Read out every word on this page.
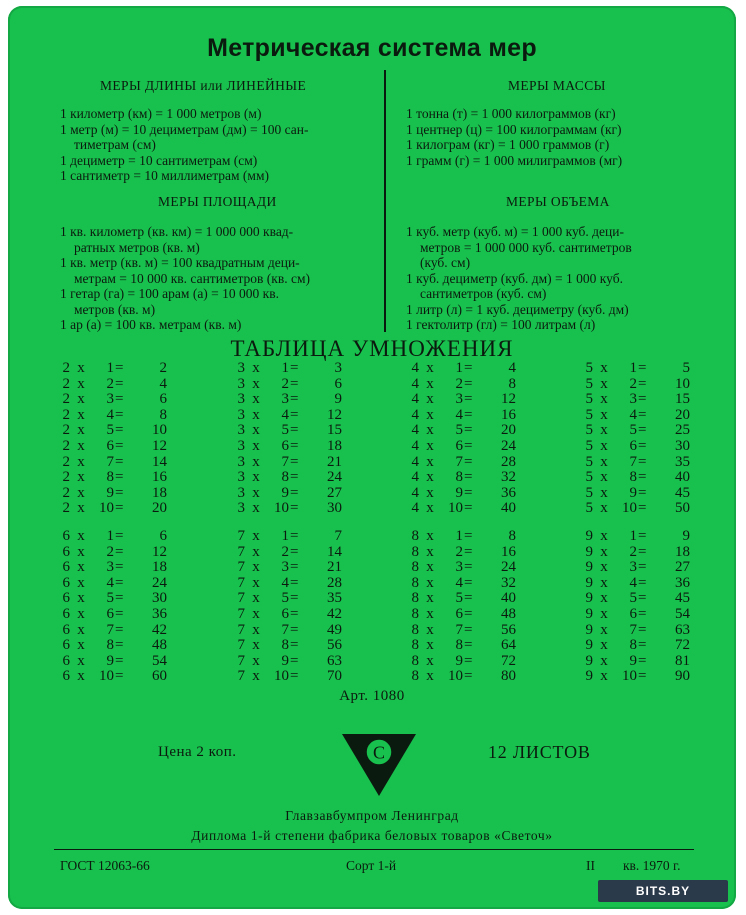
Метрическая система мер
МЕРЫ ДЛИНЫ или ЛИНЕЙНЫЕ
1 километр (км) = 1 000 метров (м)
1 метр (м) = 10 дециметрам (дм) = 100 сан-
тиметрам (см)
1 дециметр = 10 сантиметрам (см)
1 сантиметр = 10 миллиметрам (мм)
МЕРЫ ПЛОЩАДИ
1 кв. километр (кв. км) = 1 000 000 квад-
ратных метров (кв. м)
1 кв. метр (кв. м) = 100 квадратным деци-
метрам = 10 000 кв. сантиметров (кв. см)
1 гетар (га) = 100 арам (а) = 10 000 кв.
метров (кв. м)
1 ар (а) = 100 кв. метрам (кв. м)
МЕРЫ МАССЫ
1 тонна (т) = 1 000 килограммов (кг)
1 центнер (ц) = 100 килограммам (кг)
1 килограм (кг) = 1 000 граммов (г)
1 грамм (г) = 1 000 милиграммов (мг)
МЕРЫ ОБЪЕМА
1 куб. метр (куб. м) = 1 000 куб. деци-
метров = 1 000 000 куб. сантиметров
(куб. см)
1 куб. дециметр (куб. дм) = 1 000 куб.
сантиметров (куб. см)
1 литр (л) = 1 куб. дециметру (куб. дм)
1 гектолитр (гл) = 100 литрам (л)
ТАБЛИЦА УМНОЖЕНИЯ
2 х	1 =	2
2 х	2 =	4
2 х	3 =	6
2 х	4 =	8
2 х	5 =	10
2 х	6 =	12
2 х	7 =	14
2 х	8 =	16
2 х	9 =	18
2 х 10 =	20
3 х	1 =	3
3 х	2 =	6
3 х	3 =	9
3 х	4 =	12
3 х	5 =	15
3 х	6 =	18
3 х	7 =	21
3 х	8 =	24
3 х	9 =	27
3 х 10 =	30
4 х	1 =	4
4 х	2 =	8
4 х	3 =	12
4 х	4 =	16
4 х	5 =	20
4 х	6 =	24
4 х	7 =	28
4 х	8 =	32
4 х	9 =	36
4 х 10 =	40
5 х	1 =	5
5 х	2 =	10
5 х	3 =	15
5 х	4 =	20
5 х	5 =	25
5 х	6 =	30
5 х	7 =	35
5 х	8 =	40
5 х	9 =	45
5 х 10 =	50
6 х	1 =	6
6 х	2 =	12
6 х	3 =	18
6 х	4 =	24
6 х	5 =	30
6 х	6 =	36
6 х	7 =	42
6 х	8 =	48
6 х	9 =	54
6 х 10 =	60
7 х	1 =	7
7 х	2 =	14
7 х	3 =	21
7 х	4 =	28
7 х	5 =	35
7 х	6 =	42
7 х	7 =	49
7 х	8 =	56
7 х	9 =	63
7 х 10 =	70
8 х	1 =	8
8 х	2 =	16
8 х	3 =	24
8 х	4 =	32
8 х	5 =	40
8 х	6 =	48
8 х	7 =	56
8 х	8 =	64
8 х	9 =	72
8 х 10 =	80
9 х	1 =	9
9 х	2 =	18
9 х	3 =	27
9 х	4 =	36
9 х	5 =	45
9 х	6 =	54
9 х	7 =	63
9 х	8 =	72
9 х	9 =	81
9 х 10 =	90
Арт. 1080
Цена 2 коп.	С	12 ЛИСТОВ
Главзавбумпром Ленинград
Диплома 1-й степени фабрика беловых товаров «Светоч»
ГОСТ 12063-66	Сорт 1-й	II кв. 1970 г.
BITS.BY
